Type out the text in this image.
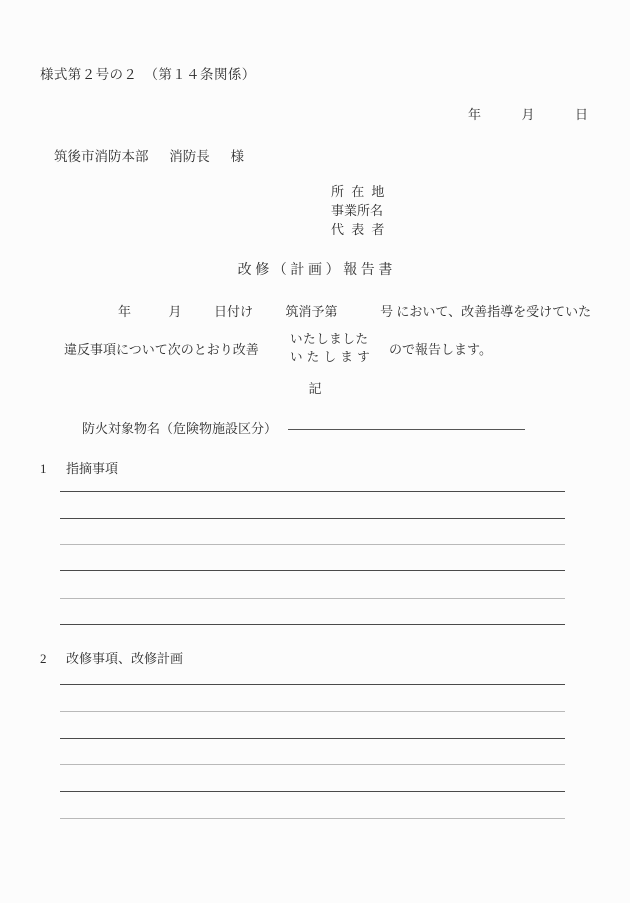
様式第２号の２　（第１４条関係）
年	月	日
筑後市消防本部 消防長 様
所在地
事業所名
代表者
改修（計画）報告書
年	月	日付け	筑消予第	号 において、改善指導を受けていた
違反事項について次のとおり改善
いたしました
いたします ので報告します。
記
防火対象物名（危険物施設区分）
1 指摘事項
2 改修事項、改修計画
